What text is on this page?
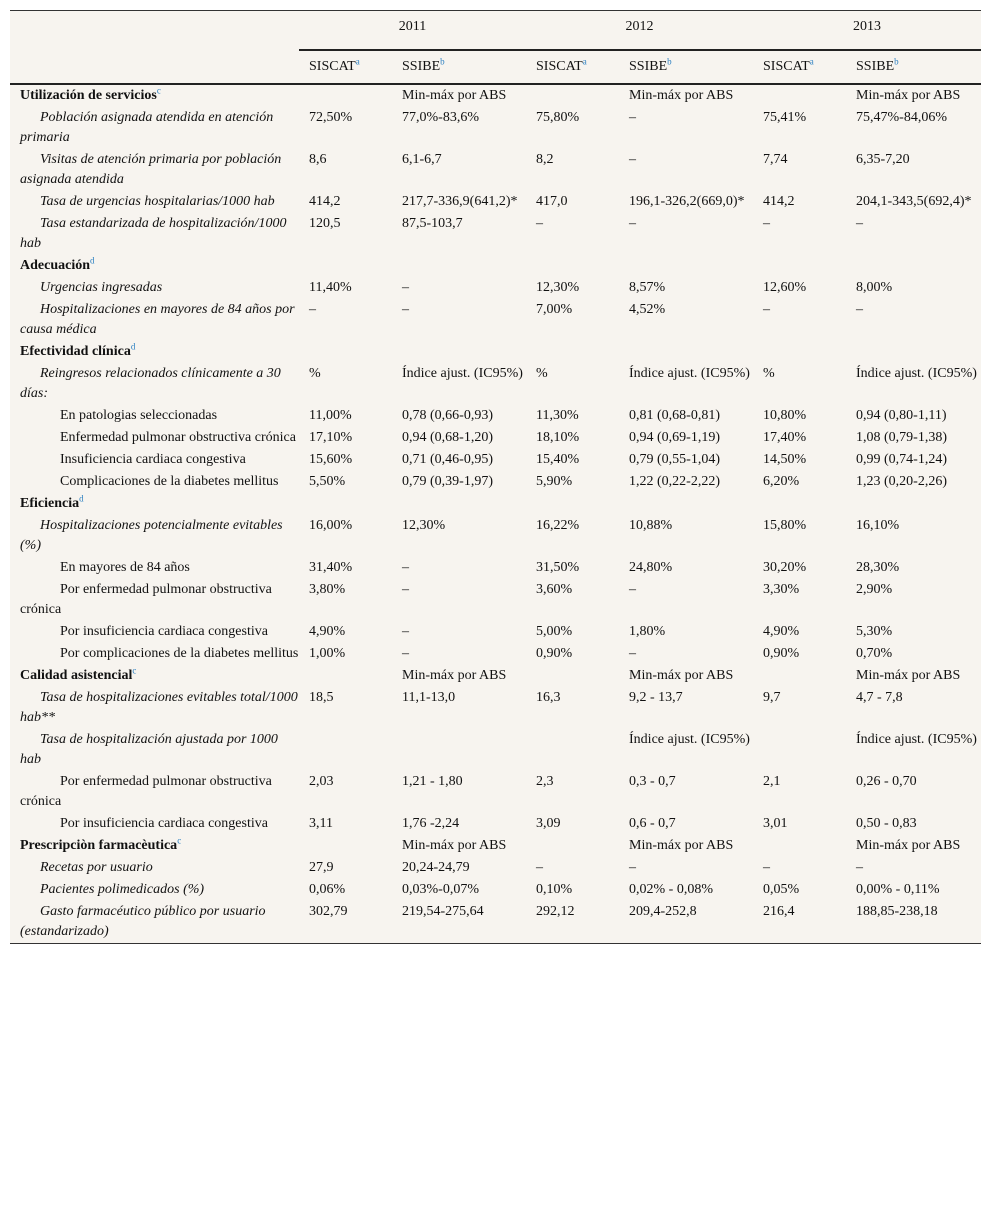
	2011		2012		2013	
	SISCAT$^a$	SSIBE$^b$	SISCAT$^a$	SSIBE$^b$	SISCAT$^a$	SSIBE$^b$
Utilización de servicios$^c$		Min-máx por ABS		Min-máx por ABS		Min-máx por ABS
Población asignada atendida en atención primaria	72,50%	77,0%-83,6%	75,80%	–	75,41%	75,47%-84,06%
Visitas de atención primaria por población asignada atendida	8,6	6,1-6,7	8,2	–	7,74	6,35-7,20
Tasa de urgencias hospitalarias/1000 hab	414,2	217,7-336,9(641,2)*	417,0	196,1-326,2(669,0)*	414,2	204,1-343,5(692,4)*
Tasa estandarizada de hospitalización/1000 hab	120,5	87,5-103,7	–	–	–	–
Adecuación$^d$						
Urgencias ingresadas	11,40%	–	12,30%	8,57%	12,60%	8,00%
Hospitalizaciones en mayores de 84 años por causa médica	–	–	7,00%	4,52%	–	–
Efectividad clínica$^d$						
Reingresos relacionados clínicamente a 30 días:	%	Índice ajust. (IC95%)	%	Índice ajust. (IC95%)	%	Índice ajust. (IC95%)
En patologias seleccionadas	11,00%	0,78 (0,66-0,93)	11,30%	0,81 (0,68-0,81)	10,80%	0,94 (0,80-1,11)
Enfermedad pulmonar obstructiva crónica	17,10%	0,94 (0,68-1,20)	18,10%	0,94 (0,69-1,19)	17,40%	1,08 (0,79-1,38)
Insuficiencia cardiaca congestiva	15,60%	0,71 (0,46-0,95)	15,40%	0,79 (0,55-1,04)	14,50%	0,99 (0,74-1,24)
Complicaciones de la diabetes mellitus	5,50%	0,79 (0,39-1,97)	5,90%	1,22 (0,22-2,22)	6,20%	1,23 (0,20-2,26)
Eficiencia$^d$						
Hospitalizaciones potencialmente evitables (%)	16,00%	12,30%	16,22%	10,88%	15,80%	16,10%
En mayores de 84 años	31,40%	–	31,50%	24,80%	30,20%	28,30%
Por enfermedad pulmonar obstructiva crónica	3,80%	–	3,60%	–	3,30%	2,90%
Por insuficiencia cardiaca congestiva	4,90%	–	5,00%	1,80%	4,90%	5,30%
Por complicaciones de la diabetes mellitus	1,00%	–	0,90%	–	0,90%	0,70%
Calidad asistencial$^c$		Min-máx por ABS		Min-máx por ABS		Min-máx por ABS
Tasa de hospitalizaciones evitables total/1000 hab**	18,5	11,1-13,0	16,3	9,2 - 13,7	9,7	4,7 - 7,8
Tasa de hospitalización ajustada por 1000 hab				Índice ajust. (IC95%)		Índice ajust. (IC95%)
Por enfermedad pulmonar obstructiva crónica	2,03	1,21 - 1,80	2,3	0,3 - 0,7	2,1	0,26 - 0,70
Por insuficiencia cardiaca congestiva	3,11	1,76 -2,24	3,09	0,6 - 0,7	3,01	0,50 - 0,83
Prescripciòn farmacèutica$^c$		Min-máx por ABS		Min-máx por ABS		Min-máx por ABS
Recetas por usuario	27,9	20,24-24,79	–	–	–	–
Pacientes polimedicados (%)	0,06%	0,03%-0,07%	0,10%	0,02% - 0,08%	0,05%	0,00% - 0,11%
Gasto farmacéutico público por usuario (estandarizado)	302,79	219,54-275,64	292,12	209,4-252,8	216,4	188,85-238,18
